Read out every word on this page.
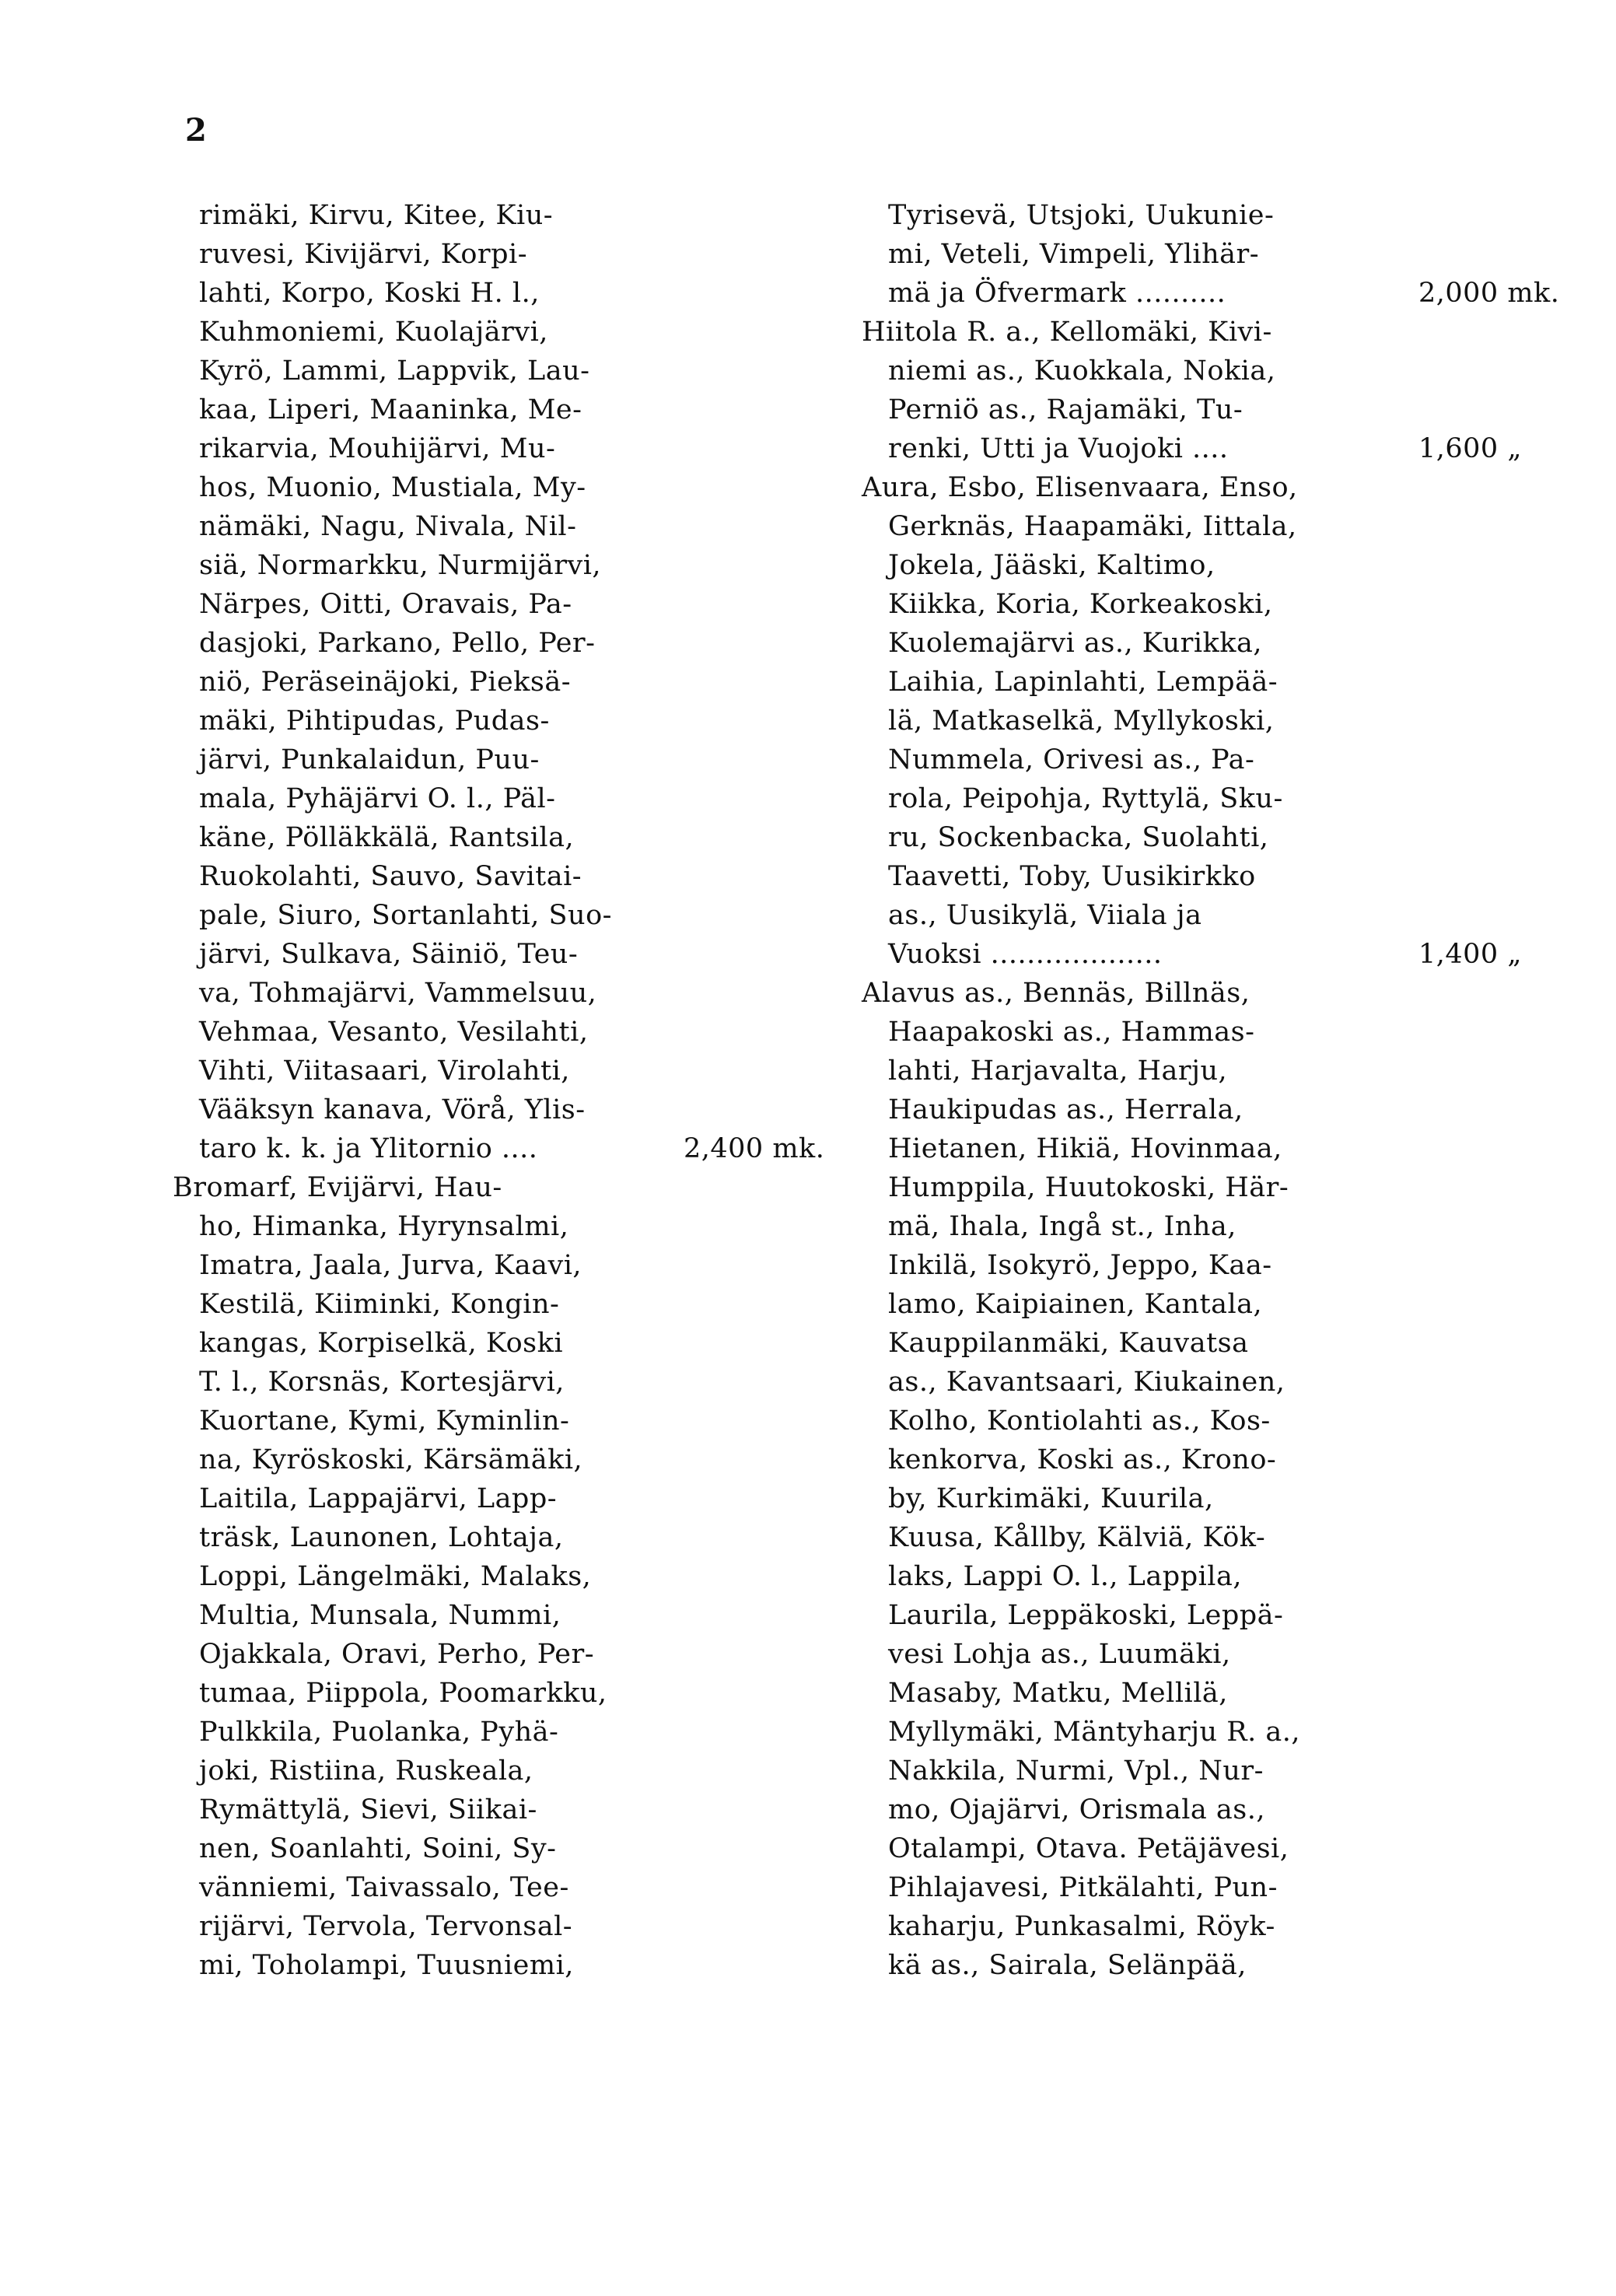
2
rimäki, Kirvu, Kitee, Kiu-
ruvesi, Kivijärvi, Korpi-
lahti, Korpo, Koski H. l.,
Kuhmoniemi, Kuolajärvi,
Kyrö, Lammi, Lappvik, Lau-
kaa, Liperi, Maaninka, Me-
rikarvia, Mouhijärvi, Mu-
hos, Muonio, Mustiala, My-
nämäki, Nagu, Nivala, Nil-
siä, Normarkku, Nurmijärvi,
Närpes, Oitti, Oravais, Pa-
dasjoki, Parkano, Pello, Per-
niö, Peräseinäjoki, Pieksä-
mäki, Pihtipudas, Pudas-
järvi, Punkalaidun, Puu-
mala, Pyhäjärvi O. l., Päl-
käne, Pölläkkälä, Rantsila,
Ruokolahti, Sauvo, Savitai-
pale, Siuro, Sortanlahti, Suo-
järvi, Sulkava, Säiniö, Teu-
va, Tohmajärvi, Vammelsuu,
Vehmaa, Vesanto, Vesilahti,
Vihti, Viitasaari, Virolahti,
Vääksyn kanava, Vörå, Ylis-
taro k. k. ja Ylitornio ....	2,400 mk.
Bromarf, Evijärvi, Hau-
ho, Himanka, Hyrynsalmi,
Imatra, Jaala, Jurva, Kaavi,
Kestilä, Kiiminki, Kongin-
kangas, Korpiselkä, Koski
T. l., Korsnäs, Kortesjärvi,
Kuortane, Kymi, Kyminlin-
na, Kyröskoski, Kärsämäki,
Laitila, Lappajärvi, Lapp-
träsk, Launonen, Lohtaja,
Loppi, Längelmäki, Malaks,
Multia, Munsala, Nummi,
Ojakkala, Oravi, Perho, Per-
tumaa, Piippola, Poomarkku,
Pulkkila, Puolanka, Pyhä-
joki, Ristiina, Ruskeala,
Rymättylä, Sievi, Siikai-
nen, Soanlahti, Soini, Sy-
vänniemi, Taivassalo, Tee-
rijärvi, Tervola, Tervonsal-
mi, Toholampi, Tuusniemi,
Tyrisevä, Utsjoki, Uukunie-
mi, Veteli, Vimpeli, Ylihär-
mä ja Öfvermark ..........	2,000 mk.
Hiitola R. a., Kellomäki, Kivi-
niemi as., Kuokkala, Nokia,
Perniö as., Rajamäki, Tu-
renki, Utti ja Vuojoki ....	1,600 „
Aura, Esbo, Elisenvaara, Enso,
Gerknäs, Haapamäki, Iittala,
Jokela, Jääski, Kaltimo,
Kiikka, Koria, Korkeakoski,
Kuolemajärvi as., Kurikka,
Laihia, Lapinlahti, Lempää-
lä, Matkaselkä, Myllykoski,
Nummela, Orivesi as., Pa-
rola, Peipohja, Ryttylä, Sku-
ru, Sockenbacka, Suolahti,
Taavetti, Toby, Uusikirkko
as., Uusikylä, Viiala ja
Vuoksi ...................	1,400 „
Alavus as., Bennäs, Billnäs,
Haapakoski as., Hammas-
lahti, Harjavalta, Harju,
Haukipudas as., Herrala,
Hietanen, Hikiä, Hovinmaa,
Humppila, Huutokoski, Här-
mä, Ihala, Ingå st., Inha,
Inkilä, Isokyrö, Jeppo, Kaa-
lamo, Kaipiainen, Kantala,
Kauppilanmäki, Kauvatsa
as., Kavantsaari, Kiukainen,
Kolho, Kontiolahti as., Kos-
kenkorva, Koski as., Krono-
by, Kurkimäki, Kuurila,
Kuusa, Kållby, Kälviä, Kök-
laks, Lappi O. l., Lappila,
Laurila, Leppäkoski, Leppä-
vesi Lohja as., Luumäki,
Masaby, Matku, Mellilä,
Myllymäki, Mäntyharju R. a.,
Nakkila, Nurmi, Vpl., Nur-
mo, Ojajärvi, Orismala as.,
Otalampi, Otava. Petäjävesi,
Pihlajavesi, Pitkälahti, Pun-
kaharju, Punkasalmi, Röyk-
kä as., Sairala, Selänpää,
